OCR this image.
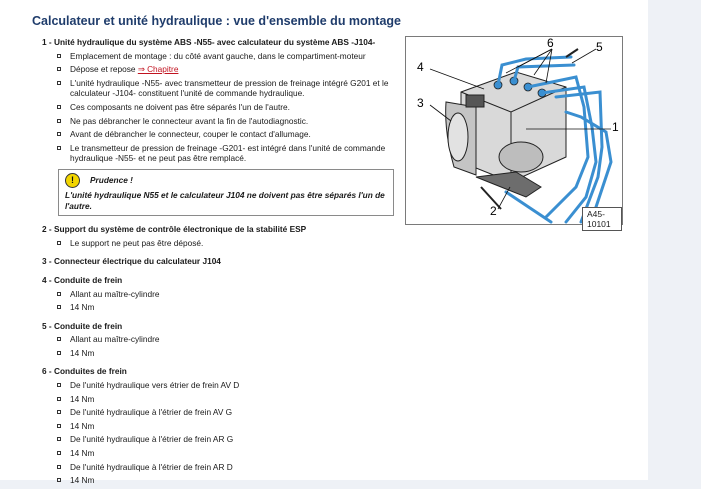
Calculateur et unité hydraulique : vue d'ensemble du montage
1 - Unité hydraulique du système ABS -N55- avec calculateur du système ABS -J104-
Emplacement de montage : du côté avant gauche, dans le compartiment-moteur
Dépose et repose ⇒ Chapitre
L'unité hydraulique -N55- avec transmetteur de pression de freinage intégré G201 et le calculateur -J104- constituent l'unité de commande hydraulique.
Ces composants ne doivent pas être séparés l'un de l'autre.
Ne pas débrancher le connecteur avant la fin de l'autodiagnostic.
Avant de débrancher le connecteur, couper le contact d'allumage.
Le transmetteur de pression de freinage -G201- est intégré dans l'unité de commande hydraulique -N55- et ne peut pas être remplacé.
!	Prudence !
L'unité hydraulique N55 et le calculateur J104 ne doivent pas être séparés l'un de l'autre.
2 - Support du système de contrôle électronique de la stabilité ESP
Le support ne peut pas être déposé.
3 - Connecteur électrique du calculateur J104
4 - Conduite de frein
Allant au maître-cylindre
14 Nm
5 - Conduite de frein
Allant au maître-cylindre
14 Nm
6 - Conduites de frein
De l'unité hydraulique vers étrier de frein AV D
14 Nm
De l'unité hydraulique à l'étrier de frein AV G
14 Nm
De l'unité hydraulique à l'étrier de frein AR G
14 Nm
De l'unité hydraulique à l'étrier de frein AR D
14 Nm
6	5
4
3
1
2	A45-10101
